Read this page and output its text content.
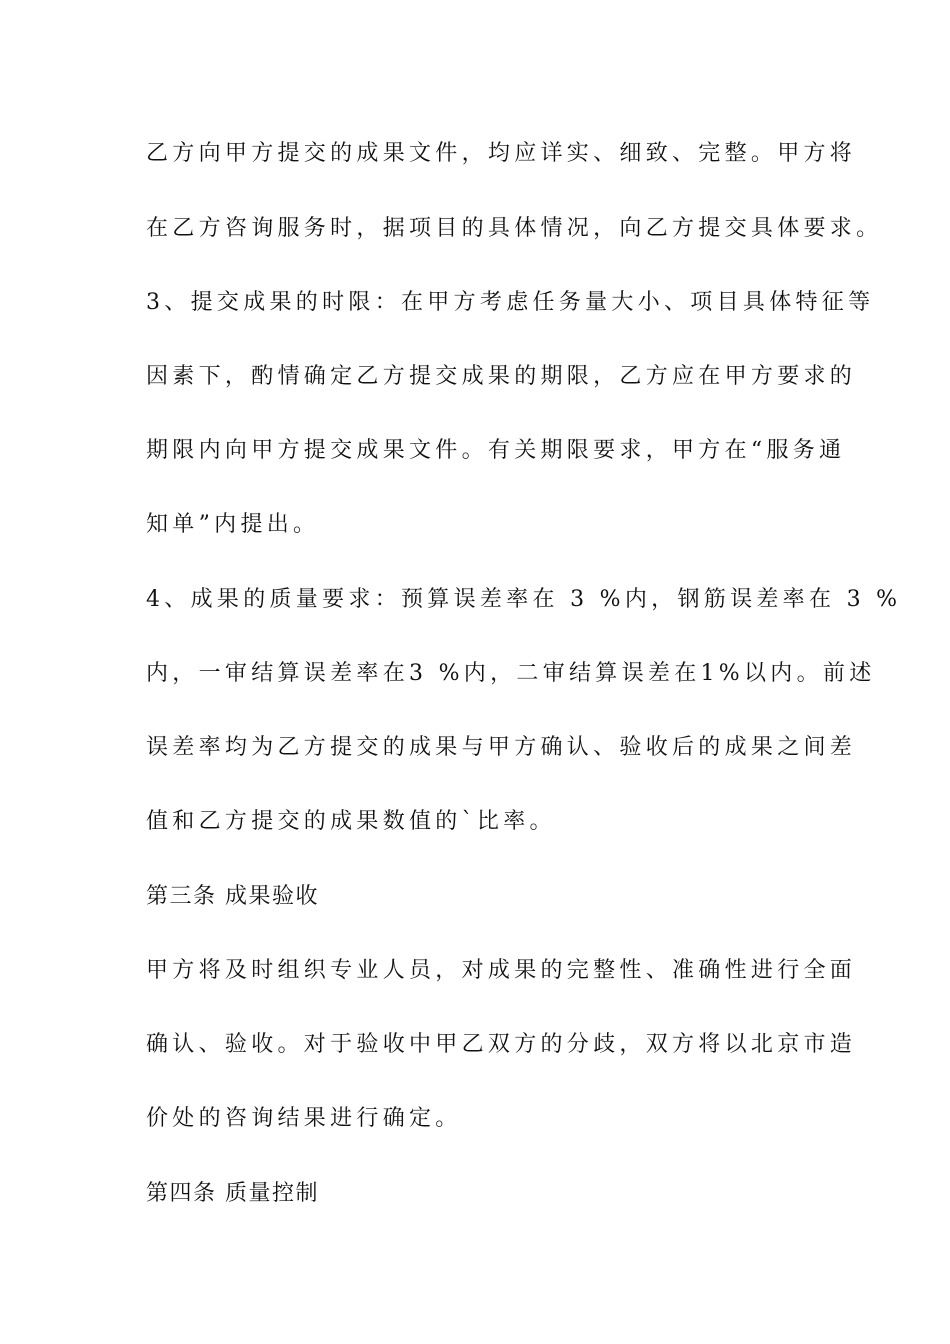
乙方向甲方提交的成果文件，均应详实、细致、完整。甲方将
在乙方咨询服务时，据项目的具体情况，向乙方提交具体要求。
3、提交成果的时限：在甲方考虑任务量大小、项目具体特征等
因素下，酌情确定乙方提交成果的期限，乙方应在甲方要求的
期限内向甲方提交成果文件。有关期限要求，甲方在“服务通
知单”内提出。
4、成果的质量要求：预算误差率在 3 %内，钢筋误差率在 3 %
内，一审结算误差率在3 %内，二审结算误差在1%以内。前述
误差率均为乙方提交的成果与甲方确认、验收后的成果之间差
值和乙方提交的成果数值的`比率。
第三条 成果验收
甲方将及时组织专业人员，对成果的完整性、准确性进行全面
确认、验收。对于验收中甲乙双方的分歧，双方将以北京市造
价处的咨询结果进行确定。
第四条 质量控制
